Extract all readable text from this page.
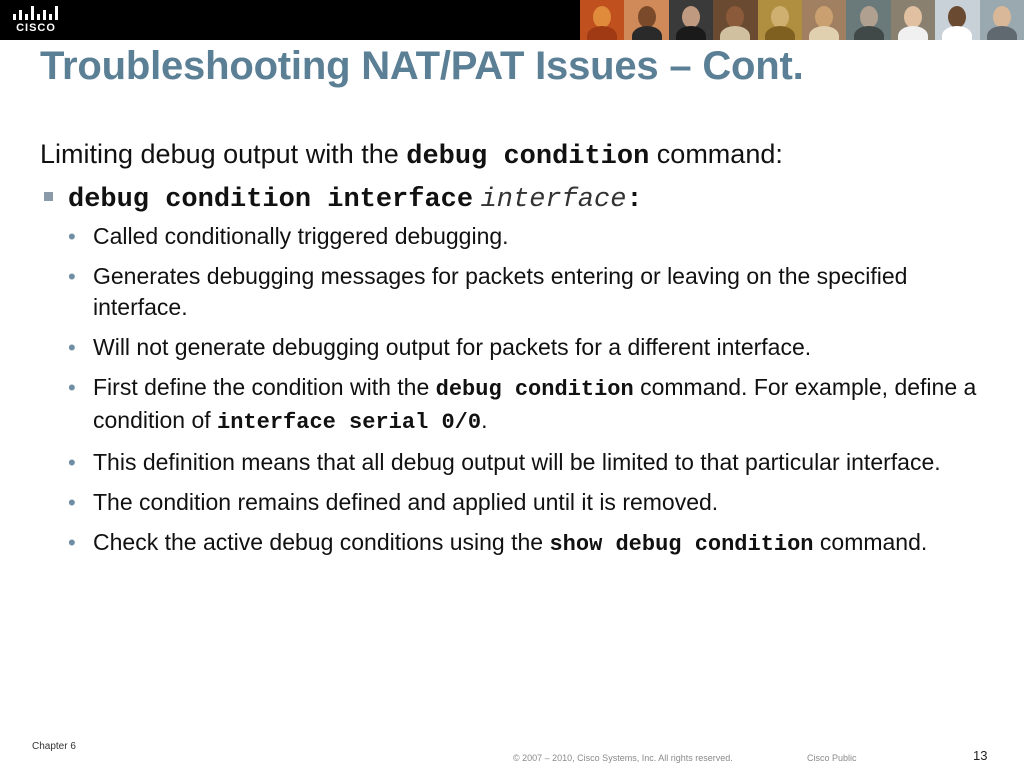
CISCO
Troubleshooting NAT/PAT Issues – Cont.

Limiting debug output with the debug condition command:

debug condition interface interface:
• Called conditionally triggered debugging.
• Generates debugging messages for packets entering or leaving on the specified interface.
• Will not generate debugging output for packets for a different interface.
• First define the condition with the debug condition command. For example, define a condition of interface serial 0/0.
• This definition means that all debug output will be limited to that particular interface.
• The condition remains defined and applied until it is removed.
• Check the active debug conditions using the show debug condition command.
Chapter 6
© 2007 – 2010, Cisco Systems, Inc. All rights reserved.	Cisco Public	13
